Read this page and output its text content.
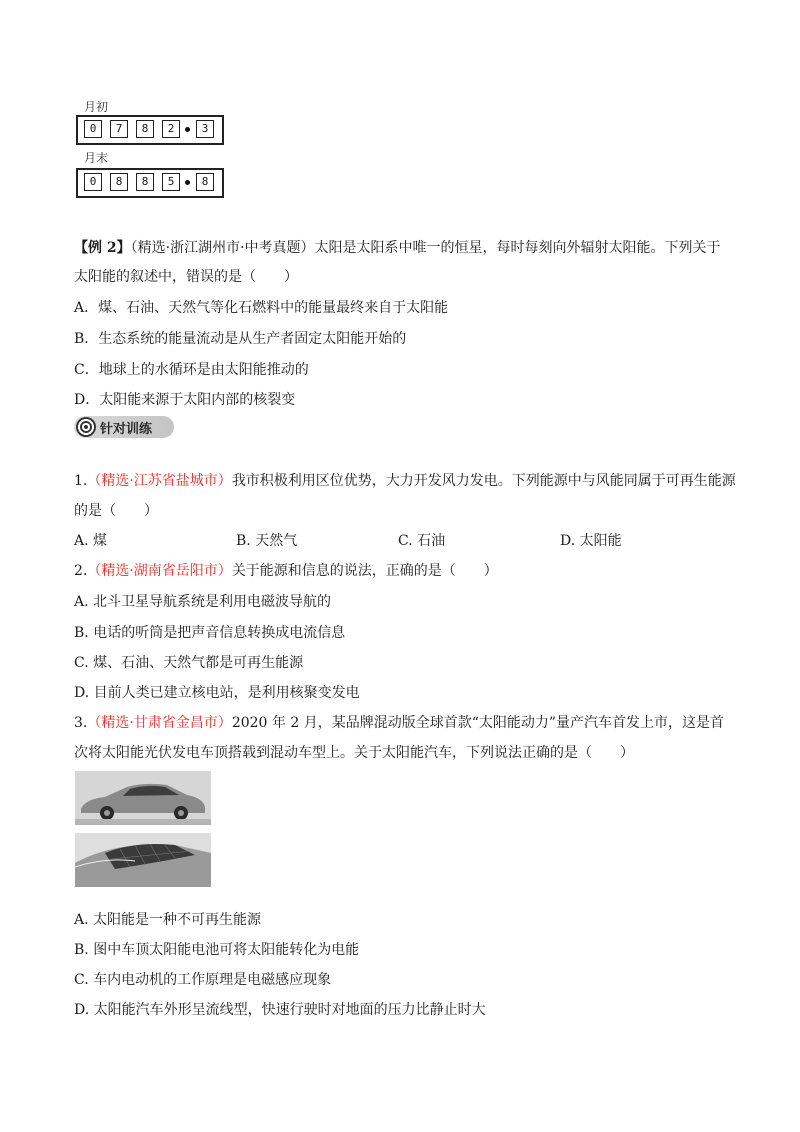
月初
0	7	8	2	3
月末
0	8	8	5	8
【例 2】（精选·浙江湖州市·中考真题）太阳是太阳系中唯一的恒星，每时每刻向外辐射太阳能。下列关于
太阳能的叙述中，错误的是（　　）
A．煤、石油、天然气等化石燃料中的能量最终来自于太阳能
B．生态系统的能量流动是从生产者固定太阳能开始的
C．地球上的水循环是由太阳能推动的
D．太阳能来源于太阳内部的核裂变
针对训练
1.（精选·江苏省盐城市）我市积极利用区位优势，大力开发风力发电。下列能源中与风能同属于可再生能源
的是（　　）
A. 煤	B. 天然气	C. 石油	D. 太阳能
2.（精选·湖南省岳阳市）关于能源和信息的说法，正确的是（　　）
A. 北斗卫星导航系统是利用电磁波导航的
B. 电话的听筒是把声音信息转换成电流信息
C. 煤、石油、天然气都是可再生能源
D. 目前人类已建立核电站，是利用核聚变发电
3.（精选·甘肃省金昌市）2020 年 2 月，某品牌混动版全球首款“太阳能动力”量产汽车首发上市，这是首
次将太阳能光伏发电车顶搭载到混动车型上。关于太阳能汽车，下列说法正确的是（　　）
A. 太阳能是一种不可再生能源
B. 图中车顶太阳能电池可将太阳能转化为电能
C. 车内电动机的工作原理是电磁感应现象
D. 太阳能汽车外形呈流线型，快速行驶时对地面的压力比静止时大
